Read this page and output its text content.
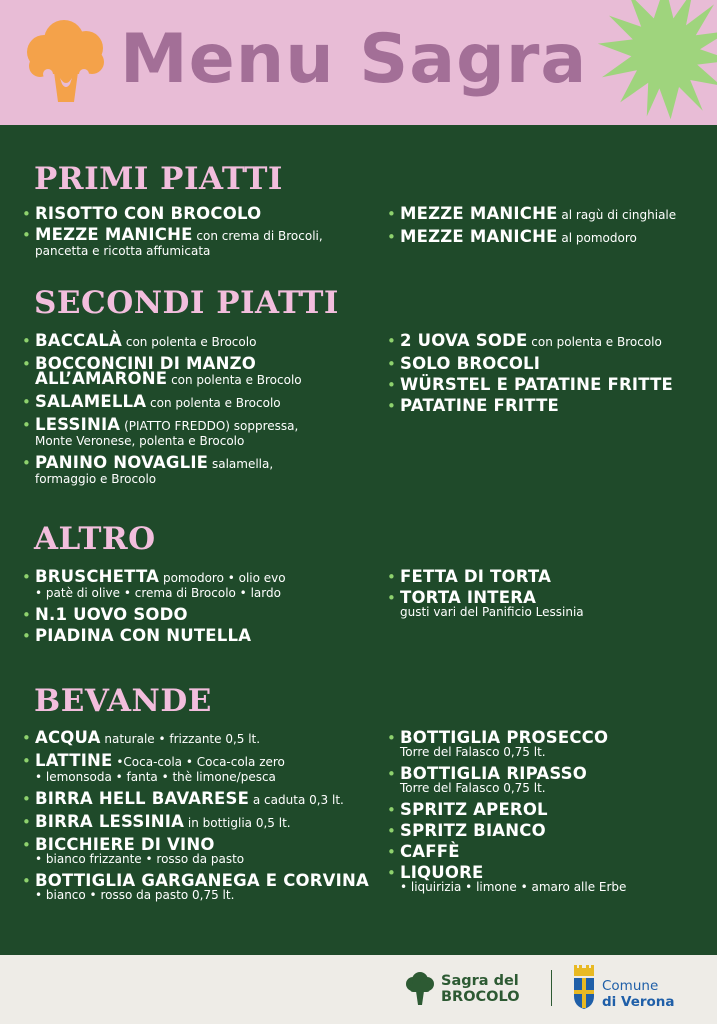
Menu Sagra
PRIMI PIATTI
• RISOTTO CON BROCOLO
• MEZZE MANICHE con crema di Brocoli,
pancetta e ricotta affumicata
• MEZZE MANICHE al ragù di cinghiale
• MEZZE MANICHE al pomodoro
SECONDI PIATTI
• BACCALÀ con polenta e Brocolo
• BOCCONCINI DI MANZO ALL’AMARONE con polenta e Brocolo
• SALAMELLA con polenta e Brocolo
• LESSINIA (PIATTO FREDDO) soppressa,
Monte Veronese, polenta e Brocolo
• PANINO NOVAGLIE salamella,
formaggio e Brocolo
• 2 UOVA SODE con polenta e Brocolo
• SOLO BROCOLI
• WÜRSTEL E PATATINE FRITTE
• PATATINE FRITTE
ALTRO
• BRUSCHETTA pomodoro • olio evo
• patè di olive • crema di Brocolo • lardo
• N.1 UOVO SODO
• PIADINA CON NUTELLA
• FETTA DI TORTA
• TORTA INTERA
gusti vari del Panificio Lessinia
BEVANDE
• ACQUA naturale • frizzante 0,5 lt.
• LATTINE •Coca-cola • Coca-cola zero
• lemonsoda • fanta • thè limone/pesca
• BIRRA HELL BAVARESE a caduta 0,3 lt.
• BIRRA LESSINIA in bottiglia 0,5 lt.
• BICCHIERE DI VINO
• bianco frizzante • rosso da pasto
• BOTTIGLIA GARGANEGA E CORVINA
• bianco • rosso da pasto 0,75 lt.
• BOTTIGLIA PROSECCO
Torre del Falasco 0,75 lt.
• BOTTIGLIA RIPASSO
Torre del Falasco 0,75 lt.
• SPRITZ APEROL
• SPRITZ BIANCO
• CAFFÈ
• LIQUORE
• liquirizia • limone • amaro alle Erbe
Sagra del
BROCOLO
Comune
di Verona
